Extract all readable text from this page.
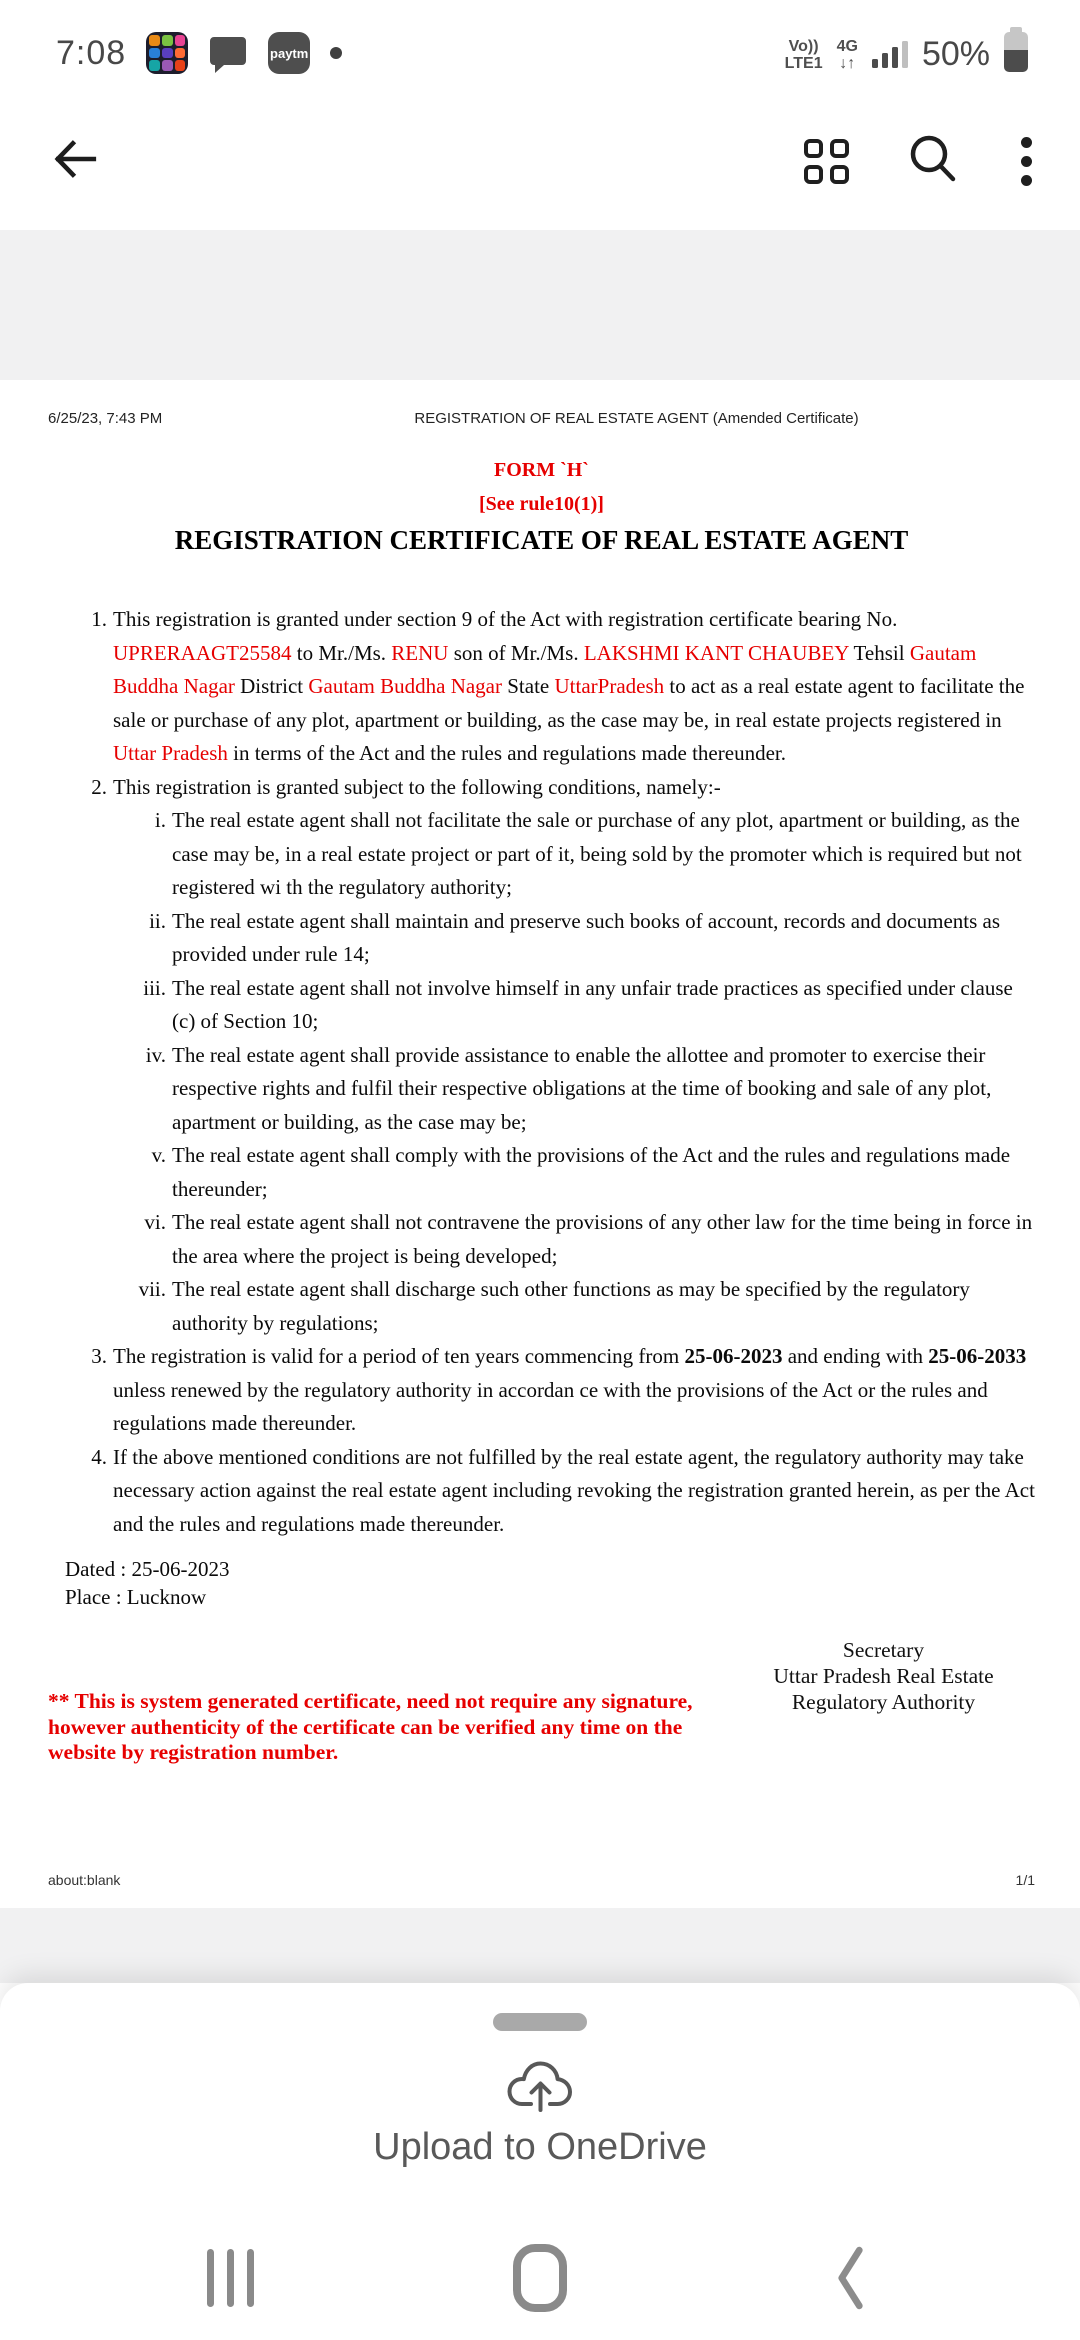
7:08	paytm	Vo))
LTE1
4G
↓↑ 50%
6/25/23, 7:43 PM	REGISTRATION OF REAL ESTATE AGENT (Amended Certificate)
FORM `H`
[See rule10(1)]
REGISTRATION CERTIFICATE OF REAL ESTATE AGENT
1. This registration is granted under section 9 of the Act with registration certificate bearing No. UPRERAAGT25584 to Mr./Ms. RENU son of Mr./Ms. LAKSHMI KANT CHAUBEY Tehsil Gautam Buddha Nagar District Gautam Buddha Nagar State UttarPradesh to act as a real estate agent to facilitate the sale or purchase of any plot, apartment or building, as the case may be, in real estate projects registered in Uttar Pradesh in terms of the Act and the rules and regulations made thereunder.
2. This registration is granted subject to the following conditions, namely:-
i. The real estate agent shall not facilitate the sale or purchase of any plot, apartment or building, as the case may be, in a real estate project or part of it, being sold by the promoter which is required but not registered wi th the regulatory authority;
ii. The real estate agent shall maintain and preserve such books of account, records and documents as provided under rule 14;
iii. The real estate agent shall not involve himself in any unfair trade practices as specified under clause (c) of Section 10;
iv. The real estate agent shall provide assistance to enable the allottee and promoter to exercise their respective rights and fulfil their respective obligations at the time of booking and sale of any plot, apartment or building, as the case may be;
v. The real estate agent shall comply with the provisions of the Act and the rules and regulations made thereunder;
vi. The real estate agent shall not contravene the provisions of any other law for the time being in force in the area where the project is being developed;
vii. The real estate agent shall discharge such other functions as may be specified by the regulatory authority by regulations;
3. The registration is valid for a period of ten years commencing from 25-06-2023 and ending with 25-06-2033 unless renewed by the regulatory authority in accordan ce with the provisions of the Act or the rules and regulations made thereunder.
4. If the above mentioned conditions are not fulfilled by the real estate agent, the regulatory authority may take necessary action against the real estate agent including revoking the registration granted herein, as per the Act and the rules and regulations made thereunder.
Dated : 25-06-2023
Place : Lucknow
** This is system generated certificate, need not require any signature, however authenticity of the certificate can be verified any time on the website by registration number.
Secretary
Uttar Pradesh Real Estate
Regulatory Authority
about:blank	1/1
Upload to OneDrive
